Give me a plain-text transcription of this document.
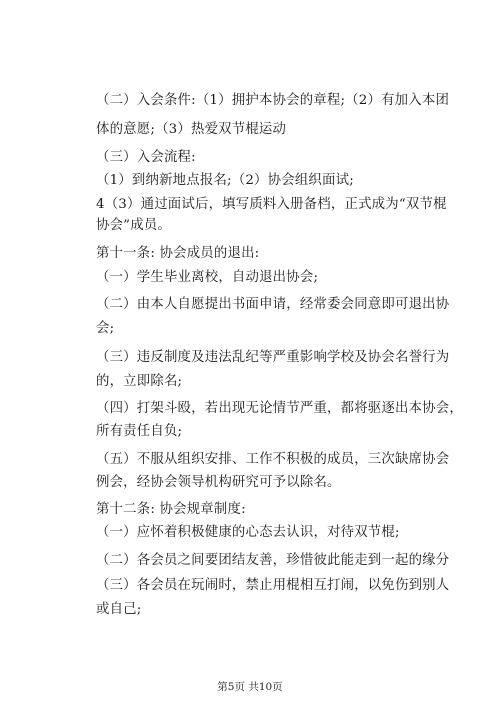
（二）入会条件:（1）拥护本协会的章程;（2）有加入本团
体的意愿;（3）热爱双节棍运动
（三）入会流程:
（1）到纳新地点报名;（2）协会组织面试;
4（3）通过面试后，填写质料入册备档，正式成为“双节棍
协会”成员。
第十一条: 协会成员的退出:
（一）学生毕业离校，自动退出协会;
（二）由本人自愿提出书面申请，经常委会同意即可退出协
会;
（三）违反制度及违法乱纪等严重影响学校及协会名誉行为
的，立即除名;
（四）打架斗殴，若出现无论情节严重，都将驱逐出本协会，
所有责任自负;
（五）不服从组织安排、工作不积极的成员，三次缺席协会
例会，经协会领导机构研究可予以除名。
第十二条: 协会规章制度:
（一）应怀着积极健康的心态去认识，对待双节棍;
（二）各会员之间要团结友善，珍惜彼此能走到一起的缘分
（三）各会员在玩闹时，禁止用棍相互打闹，以免伤到别人
或自己;
第5页 共10页
